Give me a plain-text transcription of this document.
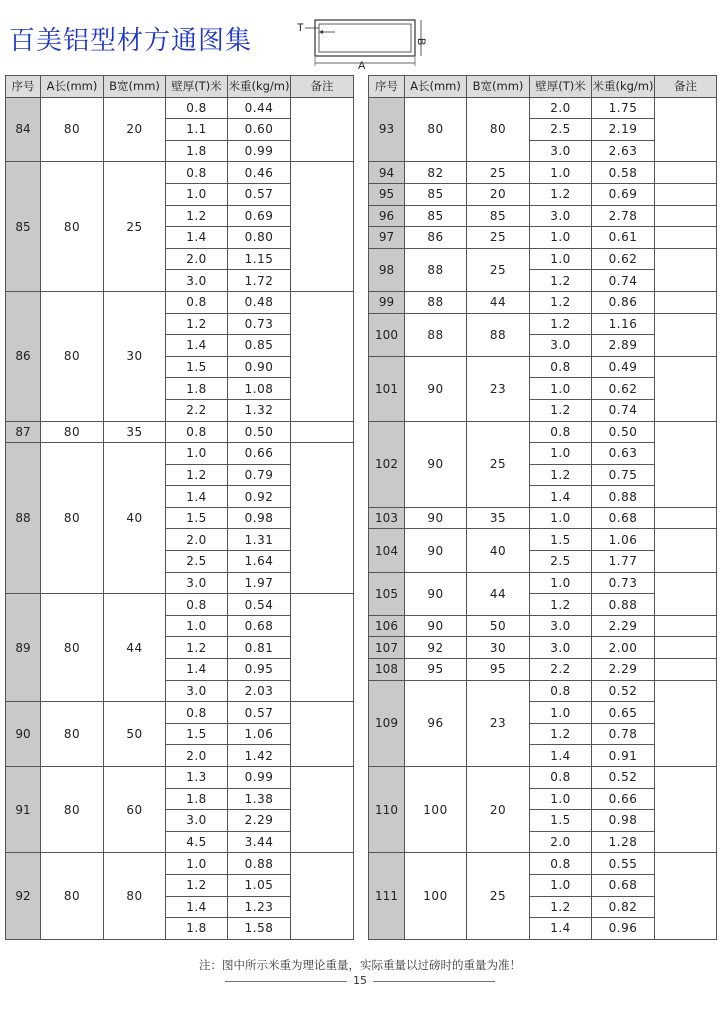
百美铝型材方通图集	T
B
A
序号	A长(mm)	B宽(mm)	壁厚(T)米	米重(kg/m)	备注
84	80	20	0.8	0.44	
			1.1	0.60	
			1.8	0.99	
85	80	25	0.8	0.46	
			1.0	0.57	
			1.2	0.69	
			1.4	0.80	
			2.0	1.15	
			3.0	1.72	
86	80	30	0.8	0.48	
			1.2	0.73	
			1.4	0.85	
			1.5	0.90	
			1.8	1.08	
			2.2	1.32	
87	80	35	0.8	0.50	
88	80	40	1.0	0.66	
			1.2	0.79	
			1.4	0.92	
			1.5	0.98	
			2.0	1.31	
			2.5	1.64	
			3.0	1.97	
89	80	44	0.8	0.54	
			1.0	0.68	
			1.2	0.81	
			1.4	0.95	
			3.0	2.03	
90	80	50	0.8	0.57	
			1.5	1.06	
			2.0	1.42	
91	80	60	1.3	0.99	
			1.8	1.38	
			3.0	2.29	
			4.5	3.44	
92	80	80	1.0	0.88	
			1.2	1.05	
			1.4	1.23	
			1.8	1.58	
序号	A长(mm)	B宽(mm)	壁厚(T)米	米重(kg/m)	备注
93	80	80	2.0	1.75	
			2.5	2.19	
			3.0	2.63	
94	82	25	1.0	0.58	
95	85	20	1.2	0.69	
96	85	85	3.0	2.78	
97	86	25	1.0	0.61	
98	88	25	1.0	0.62	
			1.2	0.74	
99	88	44	1.2	0.86	
100	88	88	1.2	1.16	
			3.0	2.89	
101	90	23	0.8	0.49	
			1.0	0.62	
			1.2	0.74	
102	90	25	0.8	0.50	
			1.0	0.63	
			1.2	0.75	
			1.4	0.88	
103	90	35	1.0	0.68	
104	90	40	1.5	1.06	
			2.5	1.77	
105	90	44	1.0	0.73	
			1.2	0.88	
106	90	50	3.0	2.29	
107	92	30	3.0	2.00	
108	95	95	2.2	2.29	
109	96	23	0.8	0.52	
			1.0	0.65	
			1.2	0.78	
			1.4	0.91	
110	100	20	0.8	0.52	
			1.0	0.66	
			1.5	0.98	
			2.0	1.28	
111	100	25	0.8	0.55	
			1.0	0.68	
			1.2	0.82	
			1.4	0.96	
注：图中所示米重为理论重量，实际重量以过磅时的重量为准！
15
